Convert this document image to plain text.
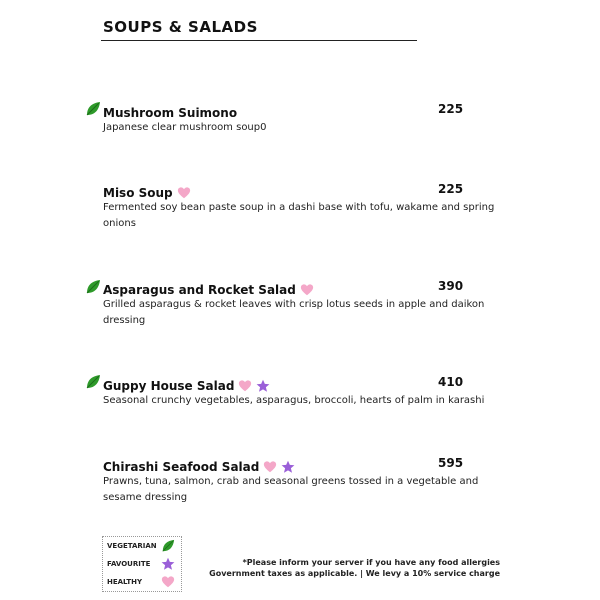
SOUPS & SALADS
Mushroom Suimono	225
Japanese clear mushroom soup0
Miso Soup	225
Fermented soy bean paste soup in a dashi base with tofu, wakame and spring onions
Asparagus and Rocket Salad	390
Grilled asparagus & rocket leaves with crisp lotus seeds in apple and daikon dressing
Guppy House Salad	410
Seasonal crunchy vegetables, asparagus, broccoli, hearts of palm in karashi
Chirashi Seafood Salad	595
Prawns, tuna, salmon, crab and seasonal greens tossed in a vegetable and sesame dressing
VEGETARIAN
FAVOURITE
HEALTHY
*Please inform your server if you have any food allergies
Government taxes as applicable. | We levy a 10% service charge
